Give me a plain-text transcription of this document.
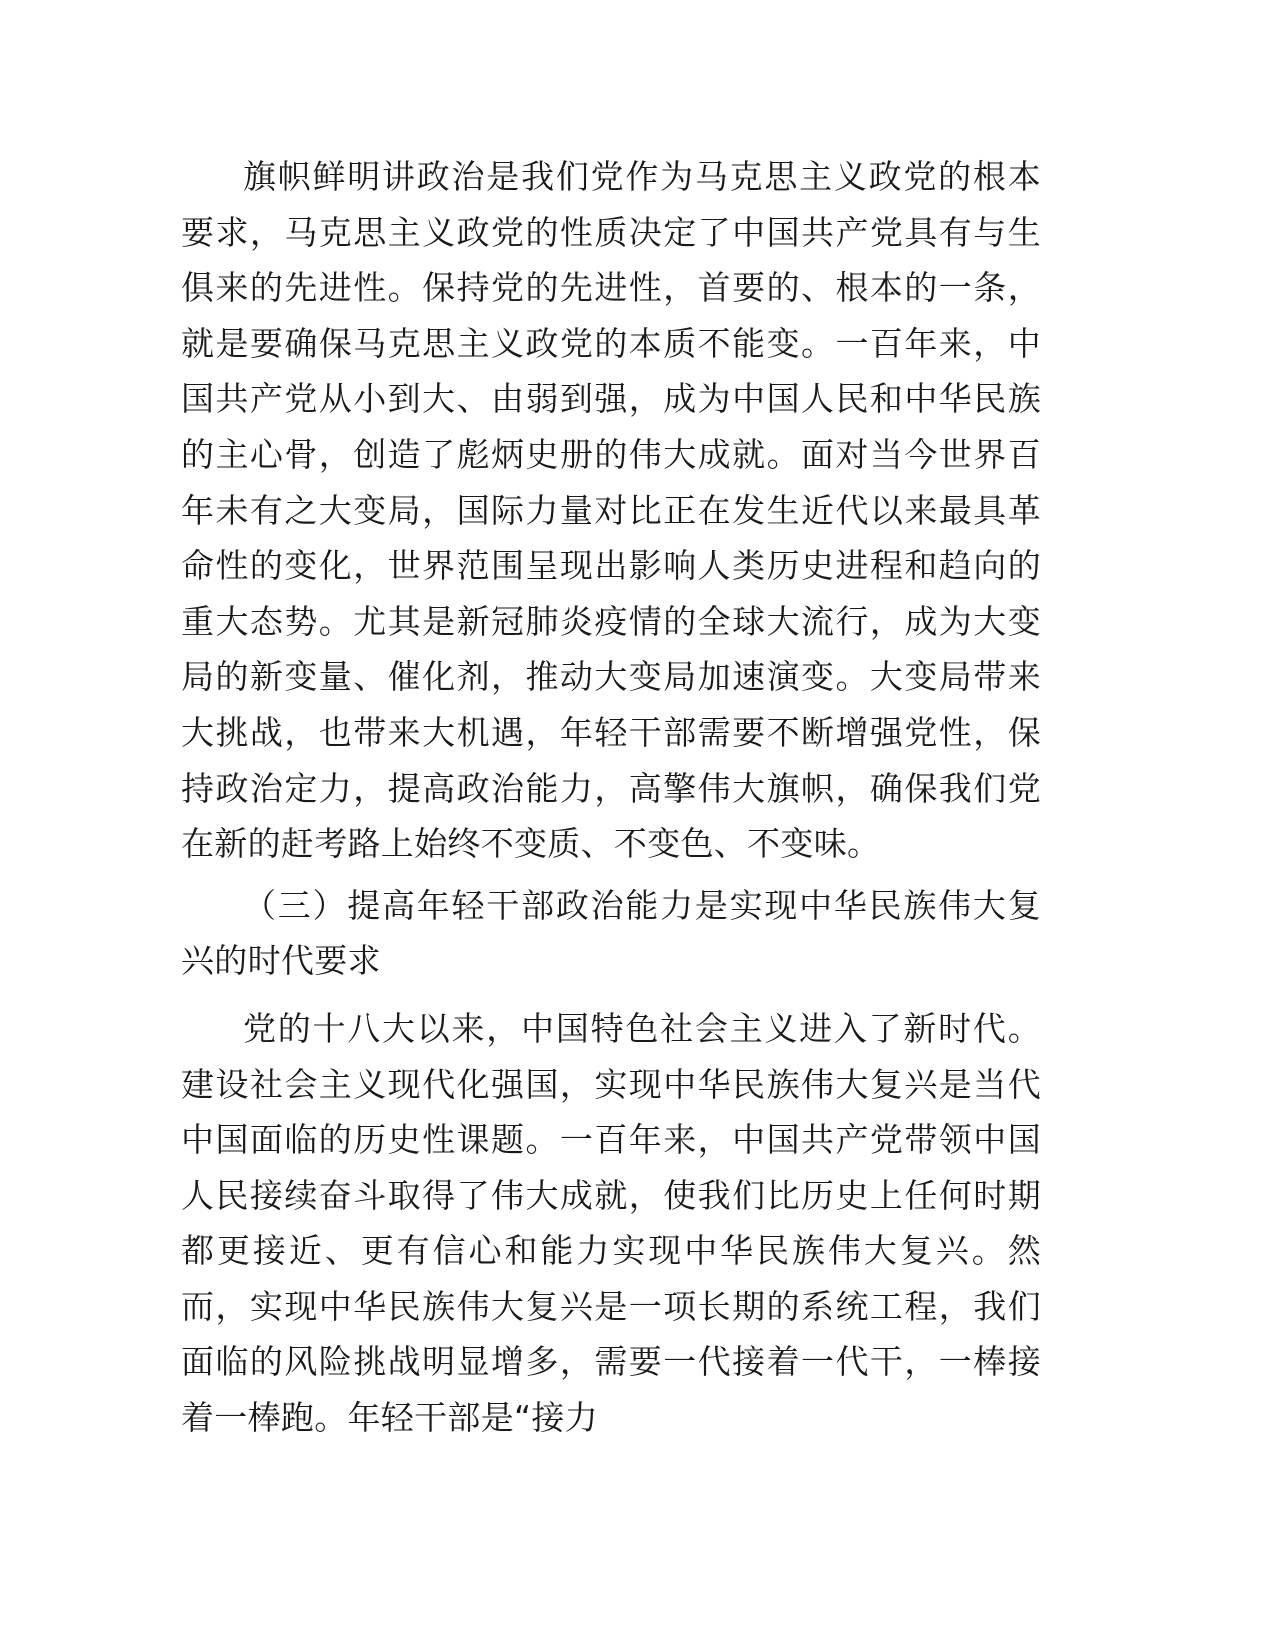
旗帜鲜明讲政治是我们党作为马克思主义政党的根本要求，马克思主义政党的性质决定了中国共产党具有与生俱来的先进性。保持党的先进性，首要的、根本的一条，就是要确保马克思主义政党的本质不能变。一百年来，中国共产党从小到大、由弱到强，成为中国人民和中华民族的主心骨，创造了彪炳史册的伟大成就。面对当今世界百年未有之大变局，国际力量对比正在发生近代以来最具革命性的变化，世界范围呈现出影响人类历史进程和趋向的重大态势。尤其是新冠肺炎疫情的全球大流行，成为大变局的新变量、催化剂，推动大变局加速演变。大变局带来大挑战，也带来大机遇，年轻干部需要不断增强党性，保持政治定力，提高政治能力，高擎伟大旗帜，确保我们党在新的赶考路上始终不变质、不变色、不变味。

（三）提高年轻干部政治能力是实现中华民族伟大复兴的时代要求

党的十八大以来，中国特色社会主义进入了新时代。建设社会主义现代化强国，实现中华民族伟大复兴是当代中国面临的历史性课题。一百年来，中国共产党带领中国人民接续奋斗取得了伟大成就，使我们比历史上任何时期都更接近、更有信心和能力实现中华民族伟大复兴。然而，实现中华民族伟大复兴是一项长期的系统工程，我们面临的风险挑战明显增多，需要一代接着一代干，一棒接着一棒跑。年轻干部是“接力
